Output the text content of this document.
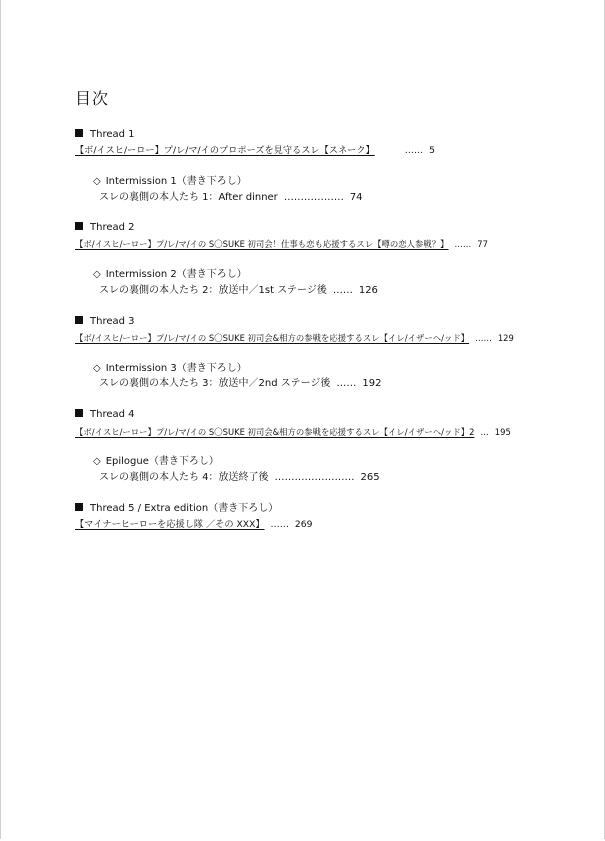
目次
Thread 1
【ボ/イスヒ/ーロー】プ/レ/マ/イのプロポーズを見守るスレ【スネーク】	…… 5
◇ Intermission 1（書き下ろし）
スレの裏側の本人たち 1：After dinner ……………… 74
Thread 2
【ボ/イスヒ/ーロー】プ/レ/マ/イの S〇SUKE 初司会！仕事も恋も応援するスレ【噂の恋人参戦？】 …… 77
◇ Intermission 2（書き下ろし）
スレの裏側の本人たち 2：放送中／1st ステージ後 …… 126
Thread 3
【ボ/イスヒ/ーロー】プ/レ/マ/イの S〇SUKE 初司会&相方の参戦を応援するスレ【イレ/イザーヘ/ッド】 …… 129
◇ Intermission 3（書き下ろし）
スレの裏側の本人たち 3：放送中／2nd ステージ後 …… 192
Thread 4
【ボ/イスヒ/ーロー】プ/レ/マ/イの S〇SUKE 初司会&相方の参戦を応援するスレ【イレ/イザーヘ/ッド】2 … 195
◇ Epilogue（書き下ろし）
スレの裏側の本人たち 4：放送終了後 …………………… 265
Thread 5 / Extra edition（書き下ろし）
【マイナーヒーローを応援し隊 ／その XXX】 …… 269
